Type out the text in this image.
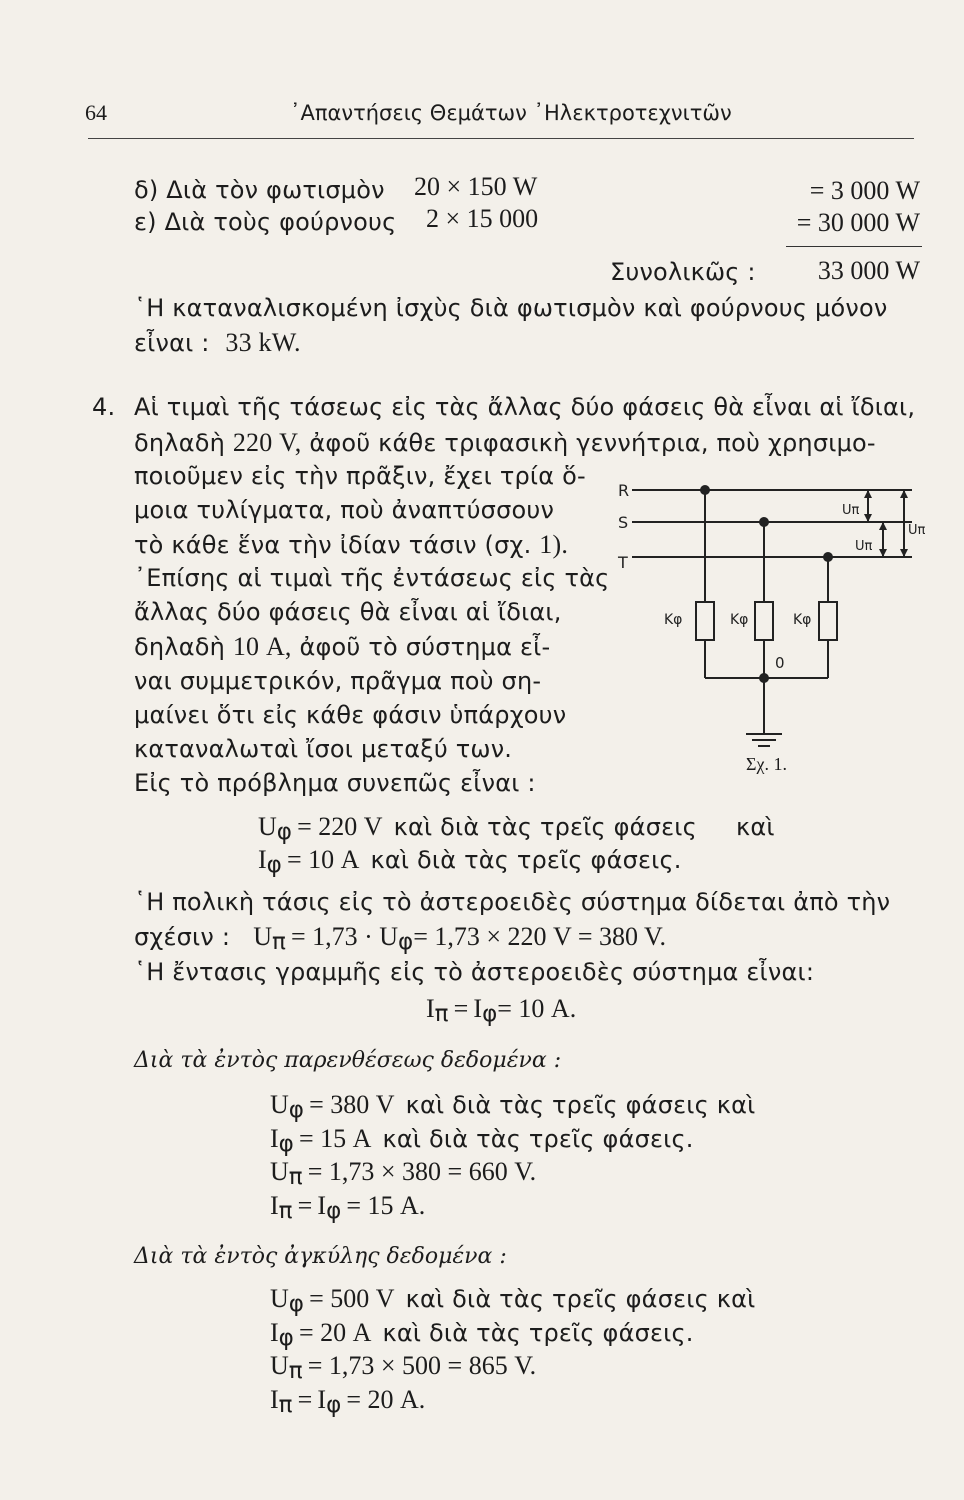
64	᾿Απαντήσεις Θεμάτων ᾿Ηλεκτροτεχνιτῶν
δ) Διὰ τὸν φωτισμὸν 20 × 150 W	= 3 000 W
ε) Διὰ τοὺς φούρνους 2 × 15 000	= 30 000 W
Συνολικῶς : 33 000 W
῾Η καταναλισκομένη ἰσχὺς διὰ φωτισμὸν καὶ φούρνους μόνον
εἶναι : 33 kW.
4. Αἱ τιμαὶ τῆς τάσεως εἰς τὰς ἄλλας δύο φάσεις θὰ εἶναι αἱ ἴδιαι,
δηλαδὴ 220 V, ἀφοῦ κάθε τριφασικὴ γεννήτρια, ποὺ χρησιμο-
ποιοῦμεν εἰς τὴν πρᾶξιν, ἔχει τρία ὅ-
μοια τυλίγματα, ποὺ ἀναπτύσσουν
τὸ κάθε ἕνα τὴν ἰδίαν τάσιν (σχ. 1).
᾿Επίσης αἱ τιμαὶ τῆς ἐντάσεως εἰς τὰς
ἄλλας δύο φάσεις θὰ εἶναι αἱ ἴδιαι,
δηλαδὴ 10 A, ἀφοῦ τὸ σύστημα εἶ-
ναι συμμετρικόν, πρᾶγμα ποὺ ση-
μαίνει ὅτι εἰς κάθε φάσιν ὑπάρχουν
καταναλωταὶ ἴσοι μεταξύ των.
Εἰς τὸ πρόβλημα συνεπῶς εἶναι :
R
S
T
Κφ	Κφ	Κφ
0
Uπ
Uπ
Uπ
Σχ. 1.
$U_\varphi = 220$ V καὶ διὰ τὰς τρεῖς φάσεις καὶ
$I_\varphi = 10$ A καὶ διὰ τὰς τρεῖς φάσεις.
῾Η πολικὴ τάσις εἰς τὸ ἀστεροειδὲς σύστημα δίδεται ἀπὸ τὴν
σχέσιν : $U_\pi = 1,73 \cdot U_\varphi= 1,73 \times 220$ V = 380 V.
῾Η ἔντασις γραμμῆς εἰς τὸ ἀστεροειδὲς σύστημα εἶναι:
$I_\pi = I_\varphi= 10$ A.
Διὰ τὰ ἐντὸς παρενθέσεως δεδομένα :
$U_\varphi = 380$ V καὶ διὰ τὰς τρεῖς φάσεις καὶ
$I_\varphi = 15$ A καὶ διὰ τὰς τρεῖς φάσεις.
$U_\pi = 1,73 \times 380 = 660$ V.
$I_\pi = I_\varphi = 15$ A.
Διὰ τὰ ἐντὸς ἀγκύλης δεδομένα :
$U_\varphi = 500$ V καὶ διὰ τὰς τρεῖς φάσεις καὶ
$I_\varphi = 20$ A καὶ διὰ τὰς τρεῖς φάσεις.
$U_\pi = 1,73 \times 500 = 865$ V.
$I_\pi = I_\varphi = 20$ A.
